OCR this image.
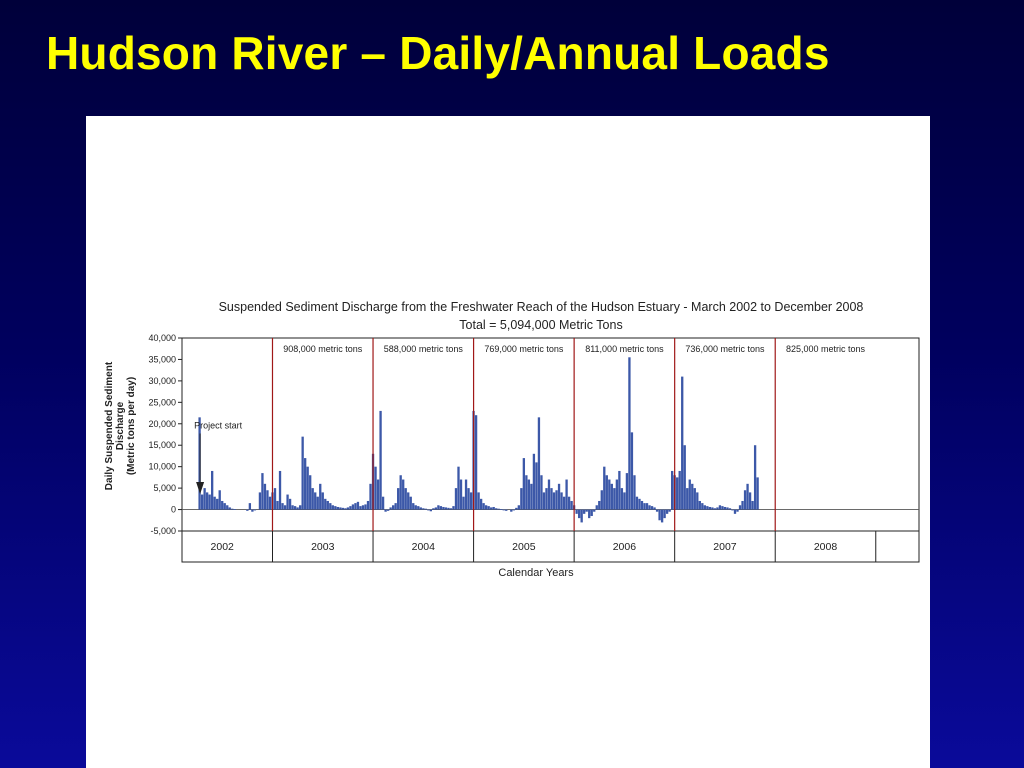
Hudson River – Daily/Annual Loads
Suspended Sediment Discharge from the Freshwater Reach of the Hudson Estuary - March 2002 to December 2008
Total = 5,094,000 Metric Tons
Daily Suspended Sediment Discharge (Metric tons per day)
Calendar Years
40,000
35,000
30,000
25,000
20,000
15,000
10,000
5,000
0
-5,000
2002	2003	2004	2005	2006	2007	2008
908,000 metric tons 588,000 metric tons 769,000 metric tons 811,000 metric tons 736,000 metric tons 825,000 metric tons
Project start
